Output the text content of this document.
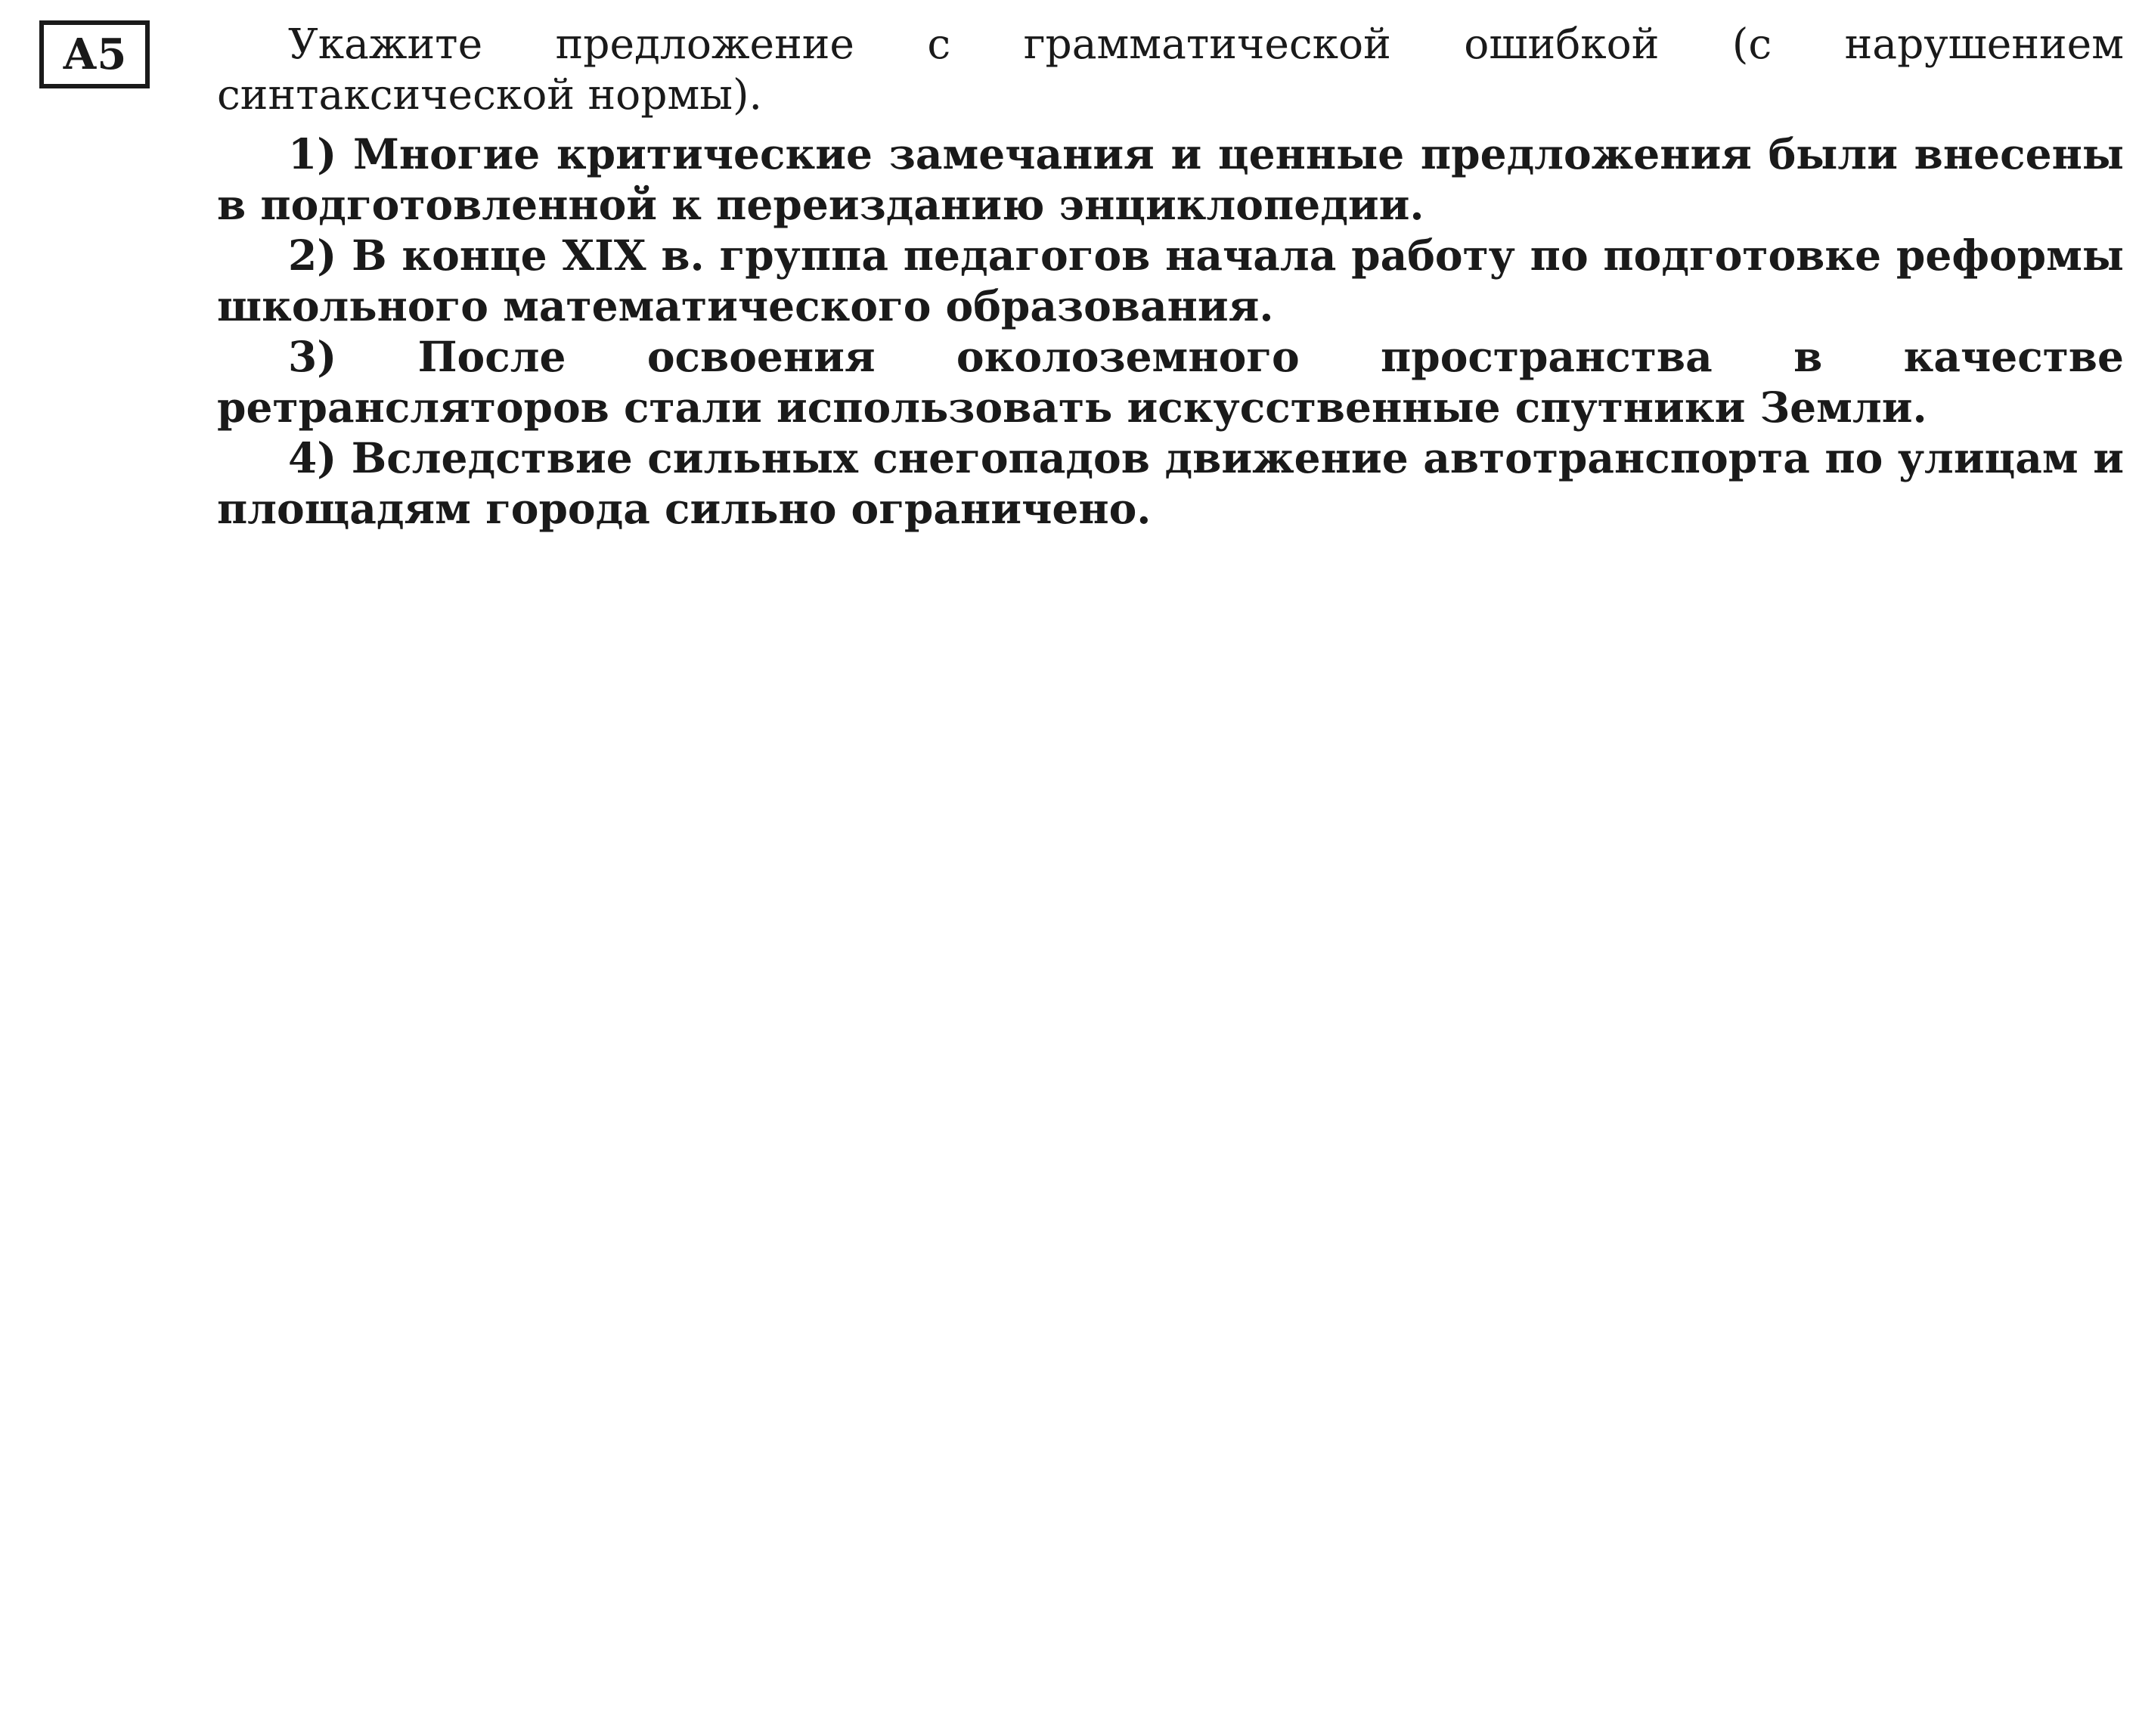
А5	Укажите предложение с грамматической ошибкой (с нарушением синтаксической нормы).

1) Многие критические замечания и ценные предложения были внесены в подготовленной к переизданию энциклопедии.

2) В конце XIX в. группа педагогов начала работу по подготовке реформы школьного математического образования.

3) После освоения околоземного пространства в качестве ретрансляторов стали использовать искусственные спутники Земли.

4) Вследствие сильных снегопадов движение автотранспорта по улицам и площадям города сильно ограничено.
